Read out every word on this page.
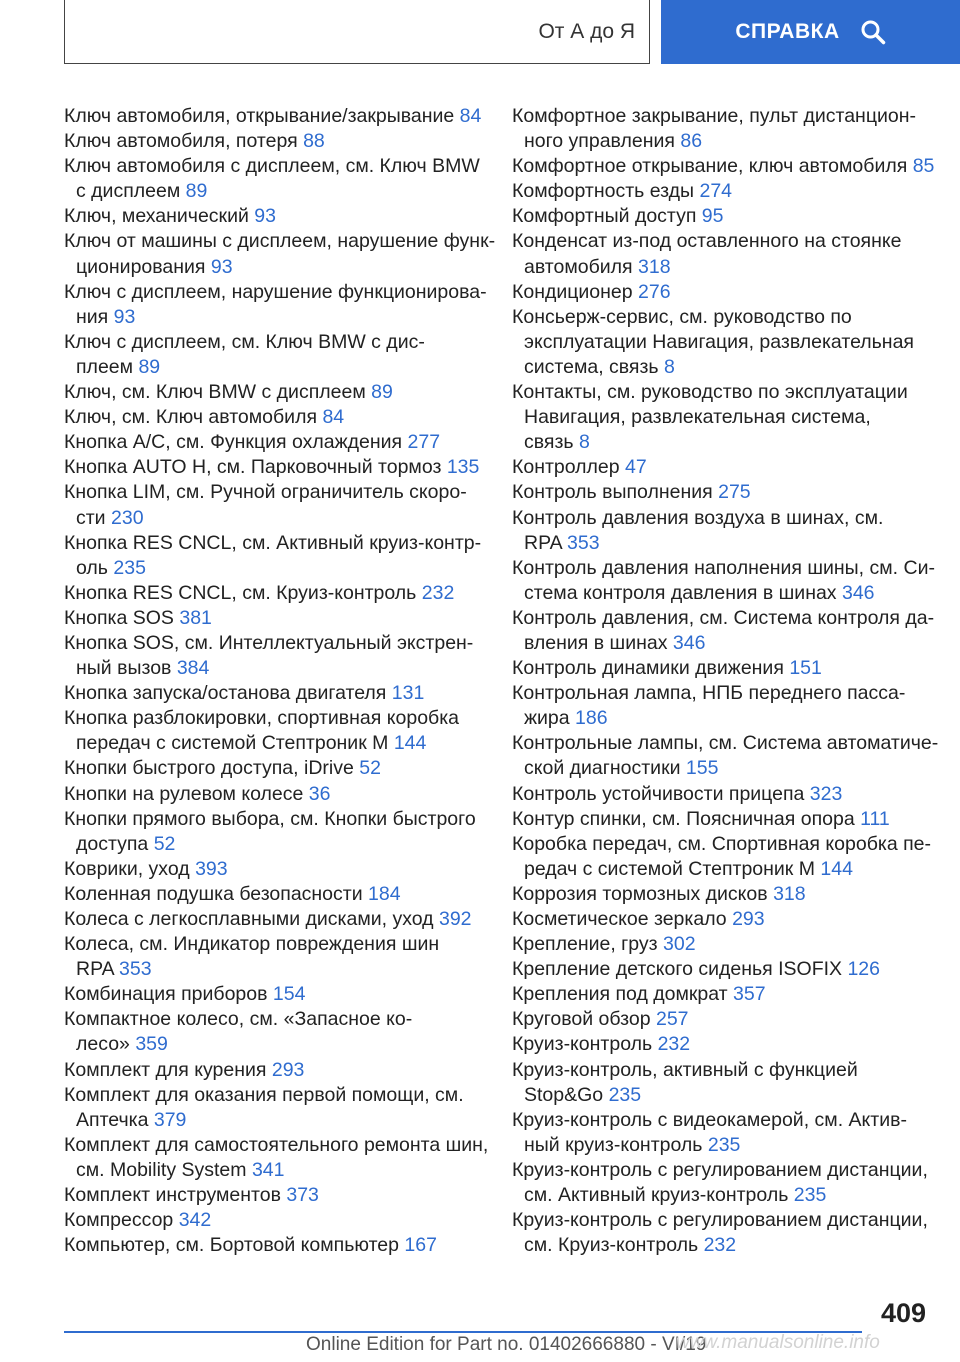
От А до Я	СПРАВКА
Ключ автомобиля, открывание/закрывание 84
Ключ автомобиля, потеря 88
Ключ автомобиля с дисплеем, см. Ключ BMW
с дисплеем 89
Ключ, механический 93
Ключ от машины с дисплеем, нарушение функ-
ционирования 93
Ключ с дисплеем, нарушение функционирова-
ния 93
Ключ с дисплеем, см. Ключ BMW с дис-
плеем 89
Ключ, см. Ключ BMW с дисплеем 89
Ключ, см. Ключ автомобиля 84
Кнопка A/C, см. Функция охлаждения 277
Кнопка AUTO H, см. Парковочный тормоз 135
Кнопка LIM, см. Ручной ограничитель скоро-
сти 230
Кнопка RES CNCL, см. Активный круиз-контр-
оль 235
Кнопка RES CNCL, см. Круиз-контроль 232
Кнопка SOS 381
Кнопка SOS, см. Интеллектуальный экстрен-
ный вызов 384
Кнопка запуска/останова двигателя 131
Кнопка разблокировки, спортивная коробка
передач с системой Стептроник M 144
Кнопки быстрого доступа, iDrive 52
Кнопки на рулевом колесе 36
Кнопки прямого выбора, см. Кнопки быстрого
доступа 52
Коврики, уход 393
Коленная подушка безопасности 184
Колеса с легкосплавными дисками, уход 392
Колеса, см. Индикатор повреждения шин
RPA 353
Комбинация приборов 154
Компактное колесо, см. «Запасное ко-
лесо» 359
Комплект для курения 293
Комплект для оказания первой помощи, см.
Аптечка 379
Комплект для самостоятельного ремонта шин,
см. Mobility System 341
Комплект инструментов 373
Компрессор 342
Компьютер, см. Бортовой компьютер 167
Комфортное закрывание, пульт дистанцион-
ного управления 86
Комфортное открывание, ключ автомобиля 85
Комфортность езды 274
Комфортный доступ 95
Конденсат из-под оставленного на стоянке
автомобиля 318
Кондиционер 276
Консьерж-сервис, см. руководство по
эксплуатации Навигация, развлекательная
система, связь 8
Контакты, см. руководство по эксплуатации
Навигация, развлекательная система,
связь 8
Контроллер 47
Контроль выполнения 275
Контроль давления воздуха в шинах, см.
RPA 353
Контроль давления наполнения шины, см. Си-
стема контроля давления в шинах 346
Контроль давления, см. Система контроля да-
вления в шинах 346
Контроль динамики движения 151
Контрольная лампа, НПБ переднего пасса-
жира 186
Контрольные лампы, см. Система автоматиче-
ской диагностики 155
Контроль устойчивости прицепа 323
Контур спинки, см. Поясничная опора 111
Коробка передач, см. Спортивная коробка пе-
редач с системой Стептроник M 144
Коррозия тормозных дисков 318
Косметическое зеркало 293
Крепление, груз 302
Крепление детского сиденья ISOFIX 126
Крепления под домкрат 357
Круговой обзор 257
Круиз-контроль 232
Круиз-контроль, активный с функцией
Stop&Go 235
Круиз-контроль с видеокамерой, см. Актив-
ный круиз-контроль 235
Круиз-контроль с регулированием дистанции,
см. Активный круиз-контроль 235
Круиз-контроль с регулированием дистанции,
см. Круиз-контроль 232
409
Online Edition for Part no. 01402666880 - VI/19
www.manualsonline.info
